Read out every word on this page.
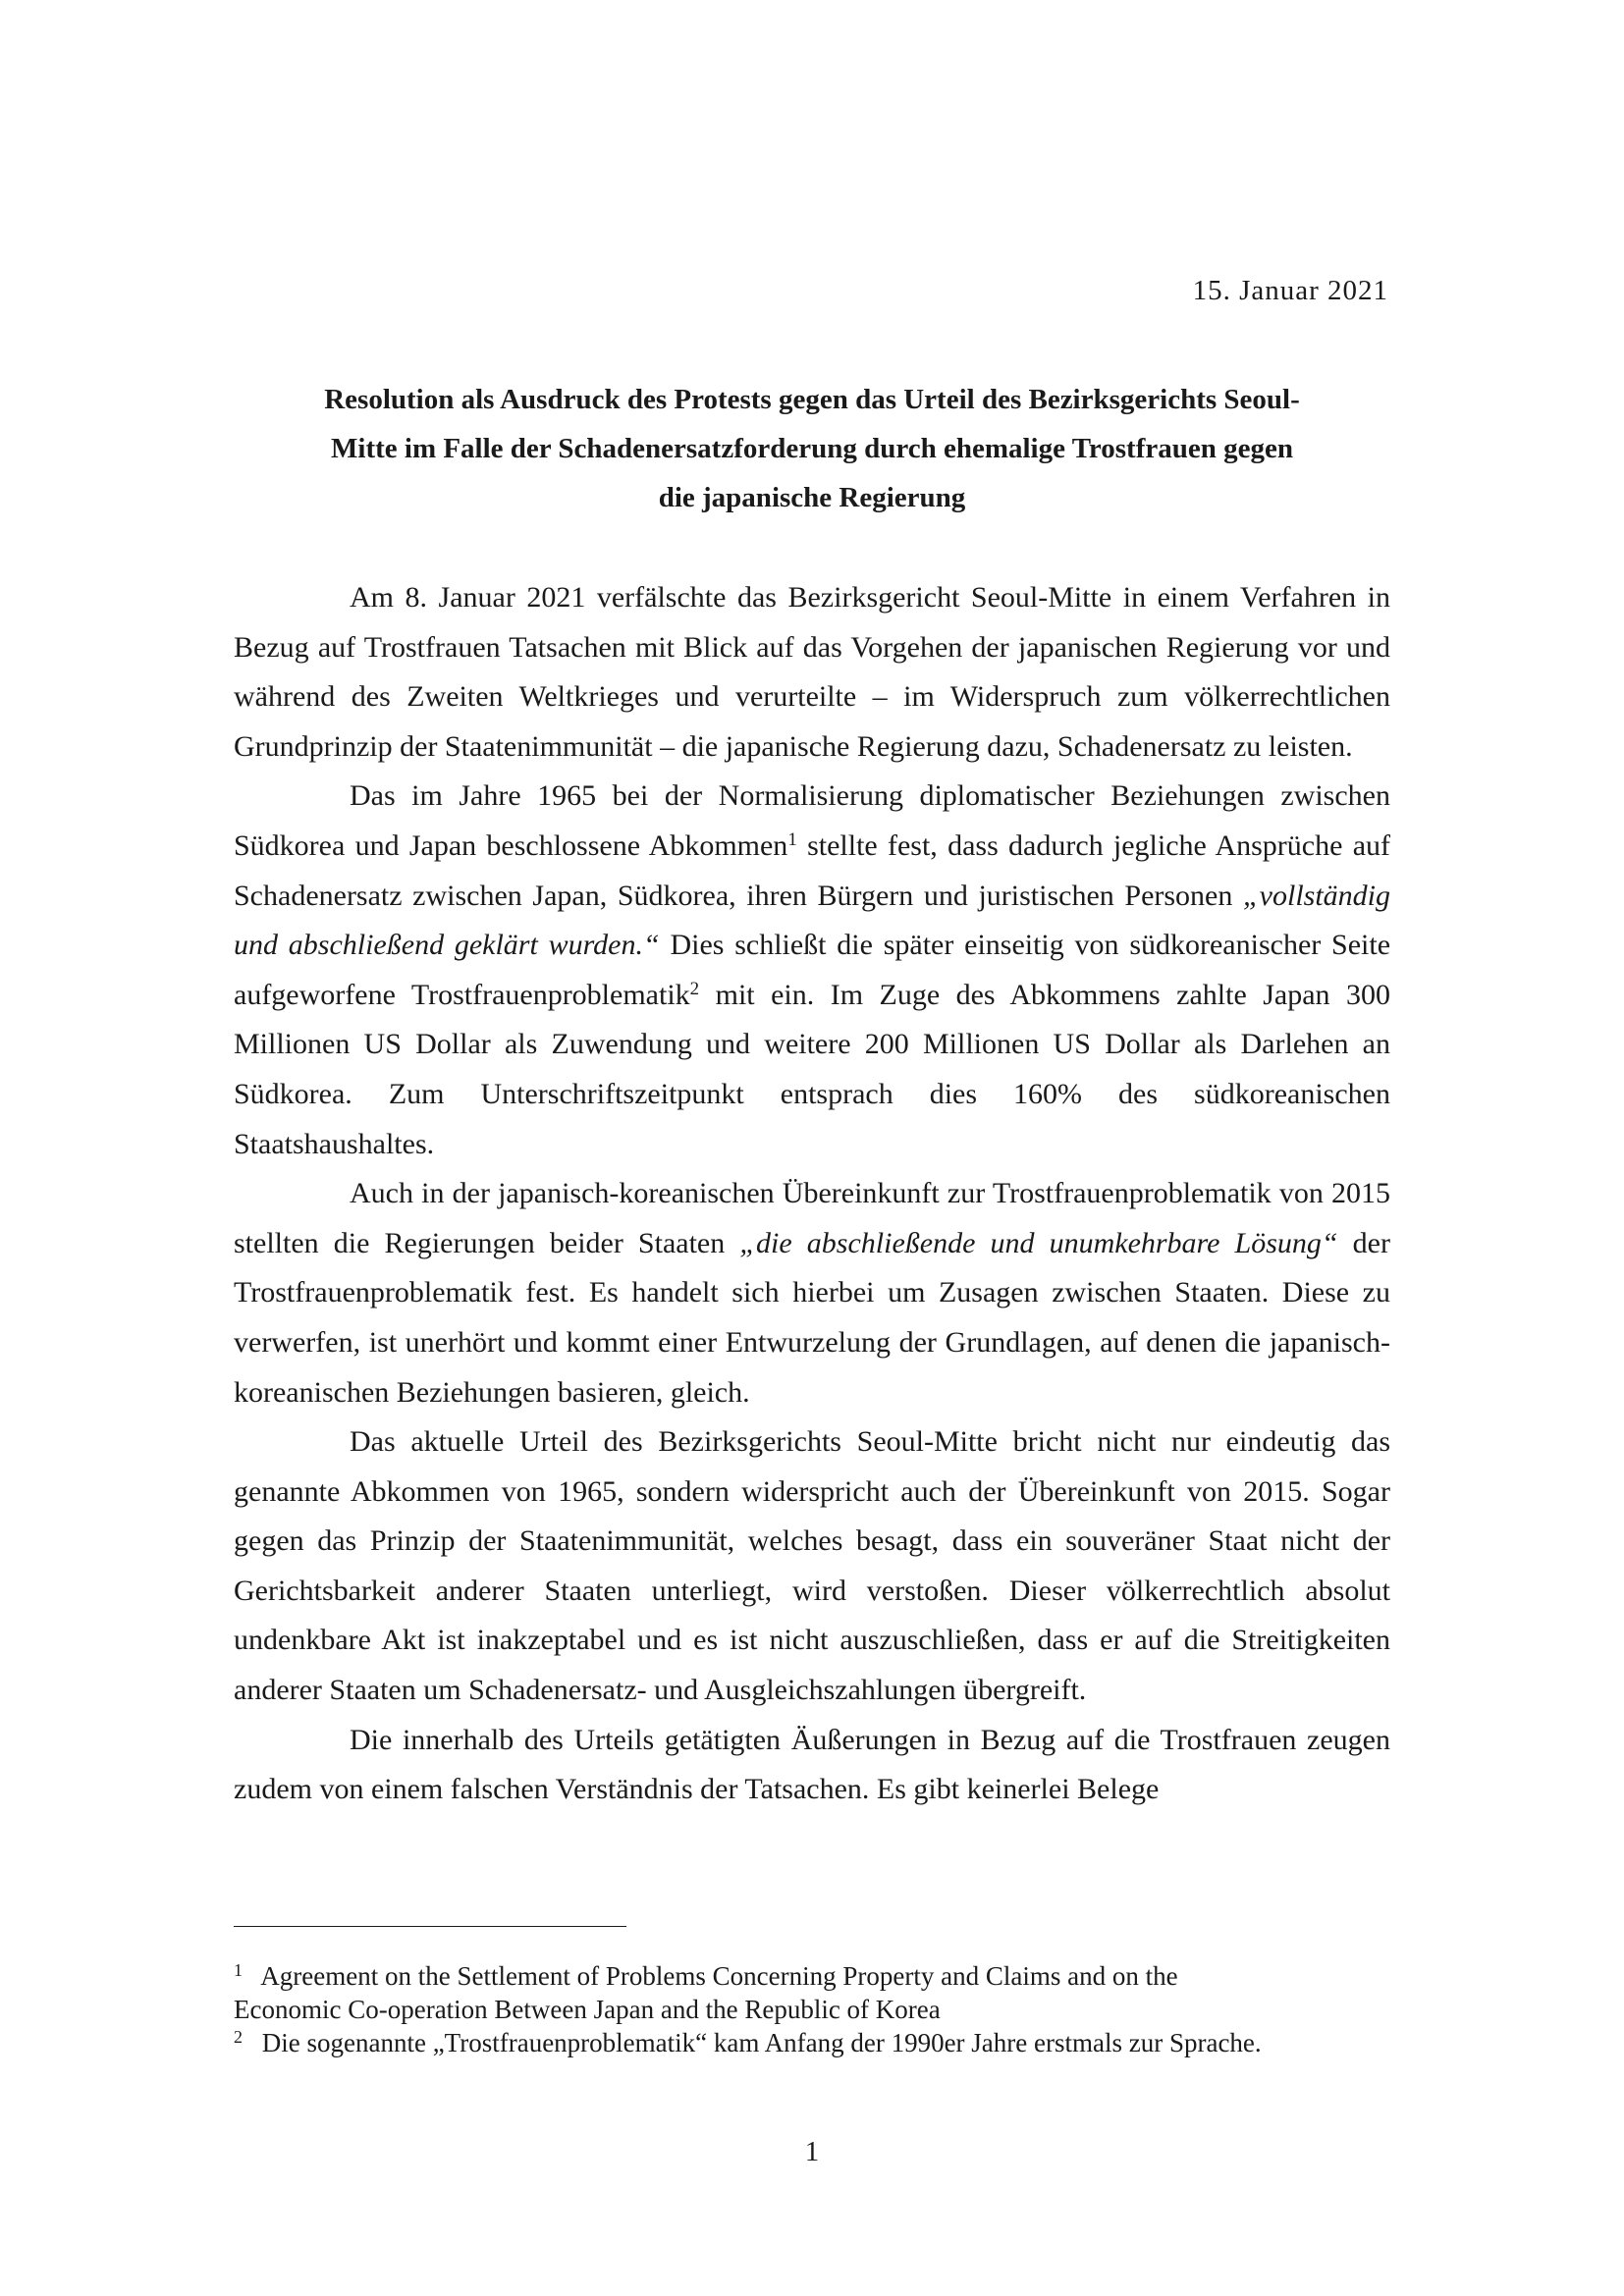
15. Januar 2021
Resolution als Ausdruck des Protests gegen das Urteil des Bezirksgerichts Seoul-
Mitte im Falle der Schadenersatzforderung durch ehemalige Trostfrauen gegen
die japanische Regierung

Am 8. Januar 2021 verfälschte das Bezirksgericht Seoul-Mitte in einem Verfahren in Bezug auf Trostfrauen Tatsachen mit Blick auf das Vorgehen der japanischen Regierung vor und während des Zweiten Weltkrieges und verurteilte – im Widerspruch zum völkerrechtlichen Grundprinzip der Staatenimmunität – die japanische Regierung dazu, Schadenersatz zu leisten.

Das im Jahre 1965 bei der Normalisierung diplomatischer Beziehungen zwischen Südkorea und Japan beschlossene Abkommen$^1$ stellte fest, dass dadurch jegliche Ansprüche auf Schadenersatz zwischen Japan, Südkorea, ihren Bürgern und juristischen Personen „vollständig und abschließend geklärt wurden.“ Dies schließt die später einseitig von südkoreanischer Seite aufgeworfene Trostfrauenproblematik$^2$ mit ein. Im Zuge des Abkommens zahlte Japan 300 Millionen US Dollar als Zuwendung und weitere 200 Millionen US Dollar als Darlehen an Südkorea. Zum Unterschriftszeitpunkt entsprach dies 160% des südkoreanischen Staatshaushaltes.

Auch in der japanisch-koreanischen Übereinkunft zur Trostfrauenproblematik von 2015 stellten die Regierungen beider Staaten „die abschließende und unumkehrbare Lösung“ der Trostfrauenproblematik fest. Es handelt sich hierbei um Zusagen zwischen Staaten. Diese zu verwerfen, ist unerhört und kommt einer Entwurzelung der Grundlagen, auf denen die japanisch-koreanischen Beziehungen basieren, gleich.

Das aktuelle Urteil des Bezirksgerichts Seoul-Mitte bricht nicht nur eindeutig das genannte Abkommen von 1965, sondern widerspricht auch der Übereinkunft von 2015. Sogar gegen das Prinzip der Staatenimmunität, welches besagt, dass ein souveräner Staat nicht der Gerichtsbarkeit anderer Staaten unterliegt, wird verstoßen. Dieser völkerrechtlich absolut undenkbare Akt ist inakzeptabel und es ist nicht auszuschließen, dass er auf die Streitigkeiten anderer Staaten um Schadenersatz- und Ausgleichszahlungen übergreift.

Die innerhalb des Urteils getätigten Äußerungen in Bezug auf die Trostfrauen zeugen zudem von einem falschen Verständnis der Tatsachen. Es gibt keinerlei Belege

1 Agreement on the Settlement of Problems Concerning Property and Claims and on the
Economic Co-operation Between Japan and the Republic of Korea
2 Die sogenannte „Trostfrauenproblematik“ kam Anfang der 1990er Jahre erstmals zur Sprache.
1
